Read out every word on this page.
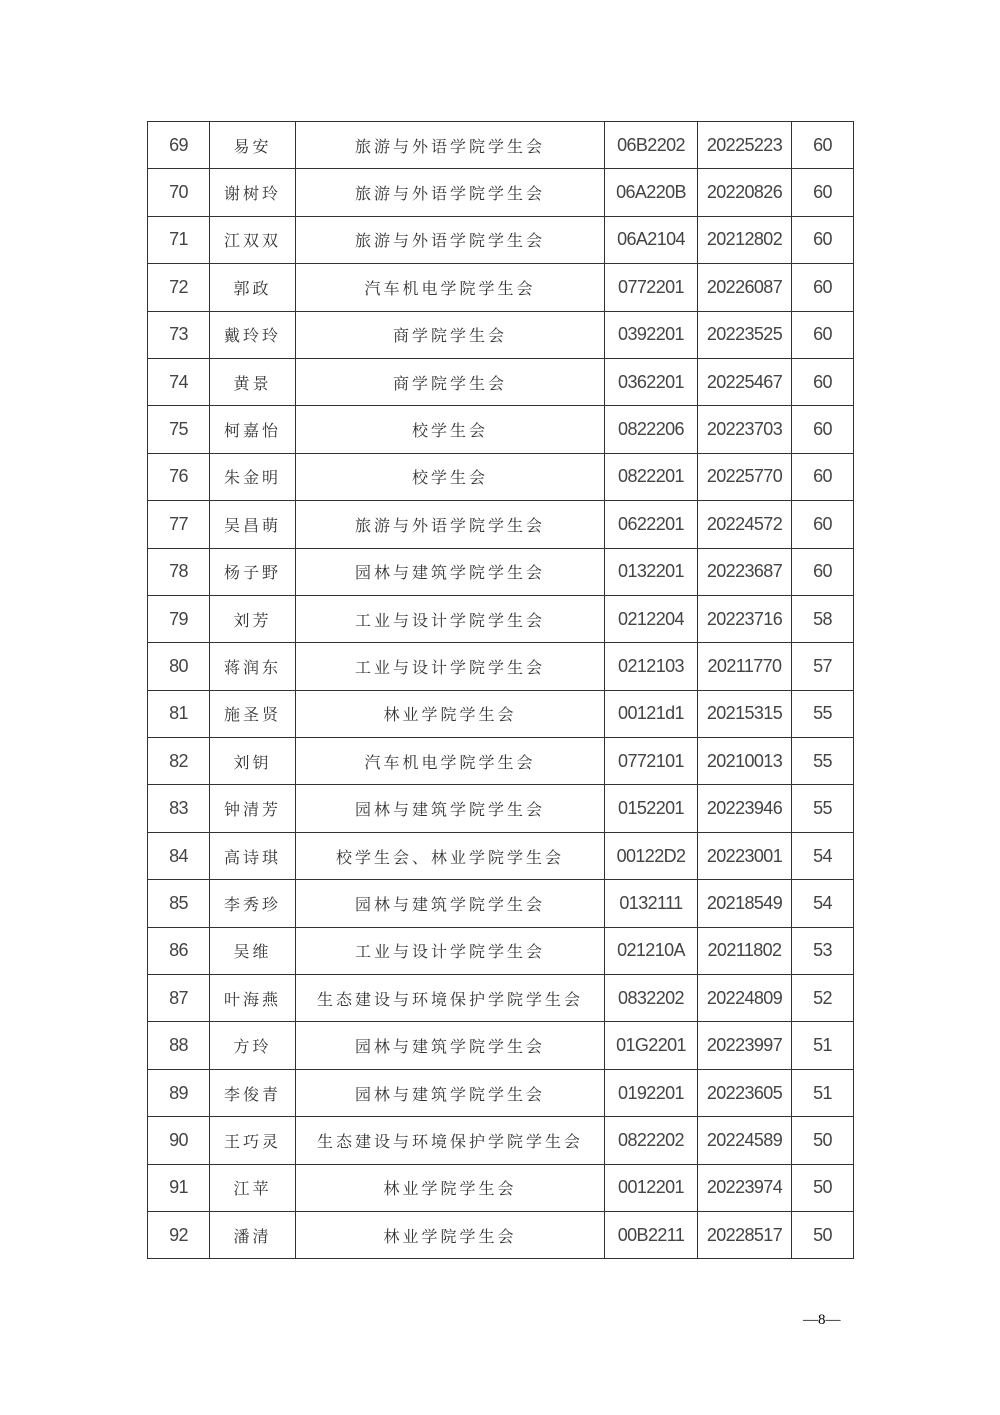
69	易安	旅游与外语学院学生会	06B2202	20225223	60
70	谢树玲	旅游与外语学院学生会	06A220B	20220826	60
71	江双双	旅游与外语学院学生会	06A2104	20212802	60
72	郭政	汽车机电学院学生会	0772201	20226087	60
73	戴玲玲	商学院学生会	0392201	20223525	60
74	黄景	商学院学生会	0362201	20225467	60
75	柯嘉怡	校学生会	0822206	20223703	60
76	朱金明	校学生会	0822201	20225770	60
77	吴昌萌	旅游与外语学院学生会	0622201	20224572	60
78	杨子野	园林与建筑学院学生会	0132201	20223687	60
79	刘芳	工业与设计学院学生会	0212204	20223716	58
80	蒋润东	工业与设计学院学生会	0212103	20211770	57
81	施圣贤	林业学院学生会	00121d1	20215315	55
82	刘钥	汽车机电学院学生会	0772101	20210013	55
83	钟清芳	园林与建筑学院学生会	0152201	20223946	55
84	高诗琪	校学生会、林业学院学生会	00122D2	20223001	54
85	李秀珍	园林与建筑学院学生会	0132111	20218549	54
86	吴维	工业与设计学院学生会	021210A	20211802	53
87	叶海燕	生态建设与环境保护学院学生会	0832202	20224809	52
88	方玲	园林与建筑学院学生会	01G2201	20223997	51
89	李俊青	园林与建筑学院学生会	0192201	20223605	51
90	王巧灵	生态建设与环境保护学院学生会	0822202	20224589	50
91	江苹	林业学院学生会	0012201	20223974	50
92	潘清	林业学院学生会	00B2211	20228517	50
—8—
